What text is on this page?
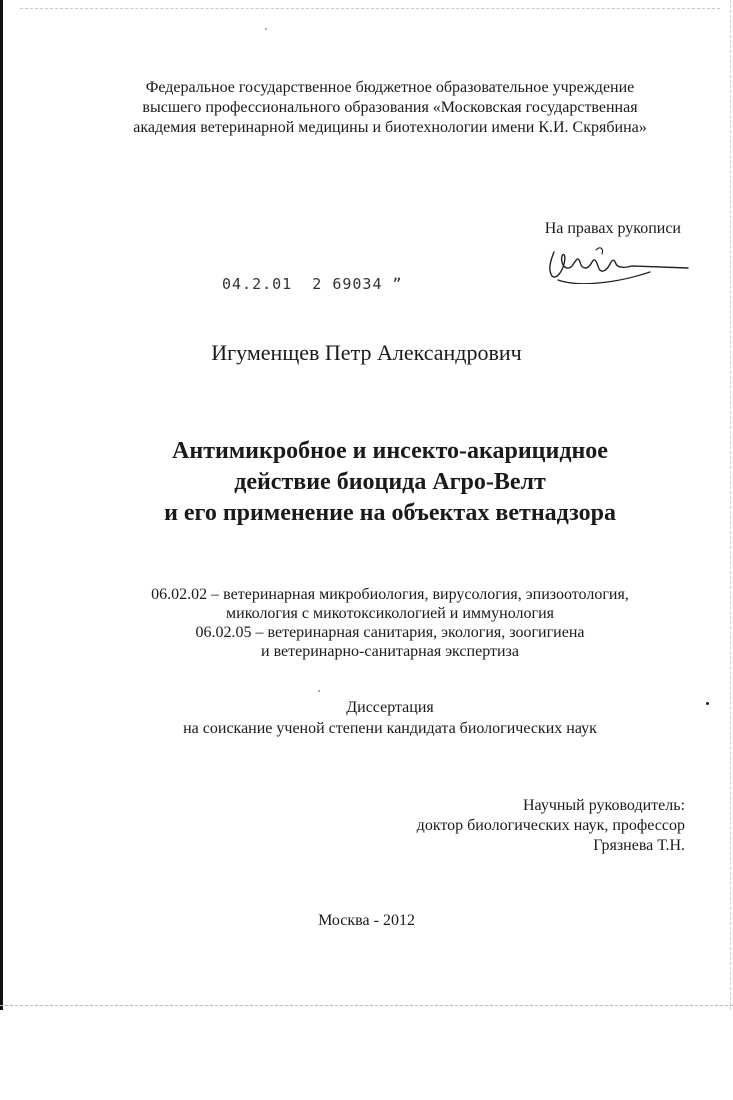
Федеральное государственное бюджетное образовательное учреждение
высшего профессионального образования «Московская государственная
академия ветеринарной медицины и биотехнологии имени К.И. Скрябина»
На правах рукописи
04.2.01  2 69034 ˮ
Игуменщев Петр Александрович
Антимикробное и инсекто-акарицидное
действие биоцида Агро-Велт
и его применение на объектах ветнадзора
06.02.02 – ветеринарная микробиология, вирусология, эпизоотология,
микология с микотоксикологией и иммунология
06.02.05 – ветеринарная санитария, экология, зоогигиена
и ветеринарно-санитарная экспертиза
Диссертация
на соискание ученой степени кандидата биологических наук
Научный руководитель:
доктор биологических наук, профессор
Грязнева Т.Н.
Москва - 2012
